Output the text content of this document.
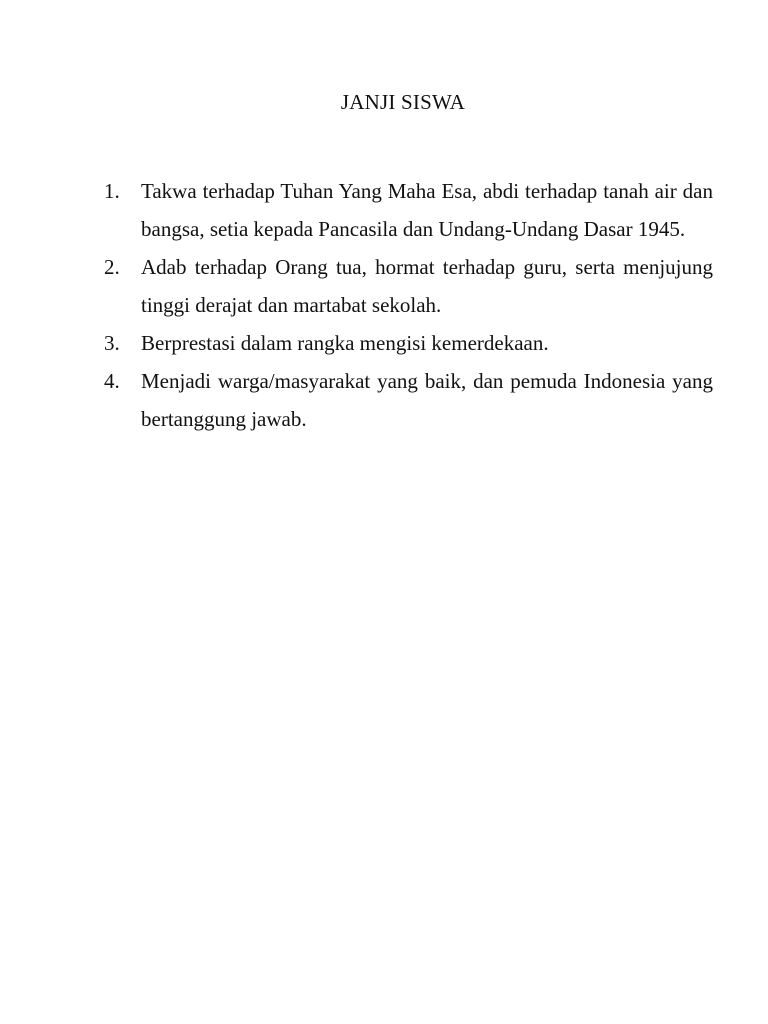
JANJI SISWA
1. Takwa terhadap Tuhan Yang Maha Esa, abdi terhadap tanah air dan bangsa, setia kepada Pancasila dan Undang-Undang Dasar 1945.
2. Adab terhadap Orang tua, hormat terhadap guru, serta menjujung tinggi derajat dan martabat sekolah.
3. Berprestasi dalam rangka mengisi kemerdekaan.
4. Menjadi warga/masyarakat yang baik, dan pemuda Indonesia yang bertanggung jawab.
